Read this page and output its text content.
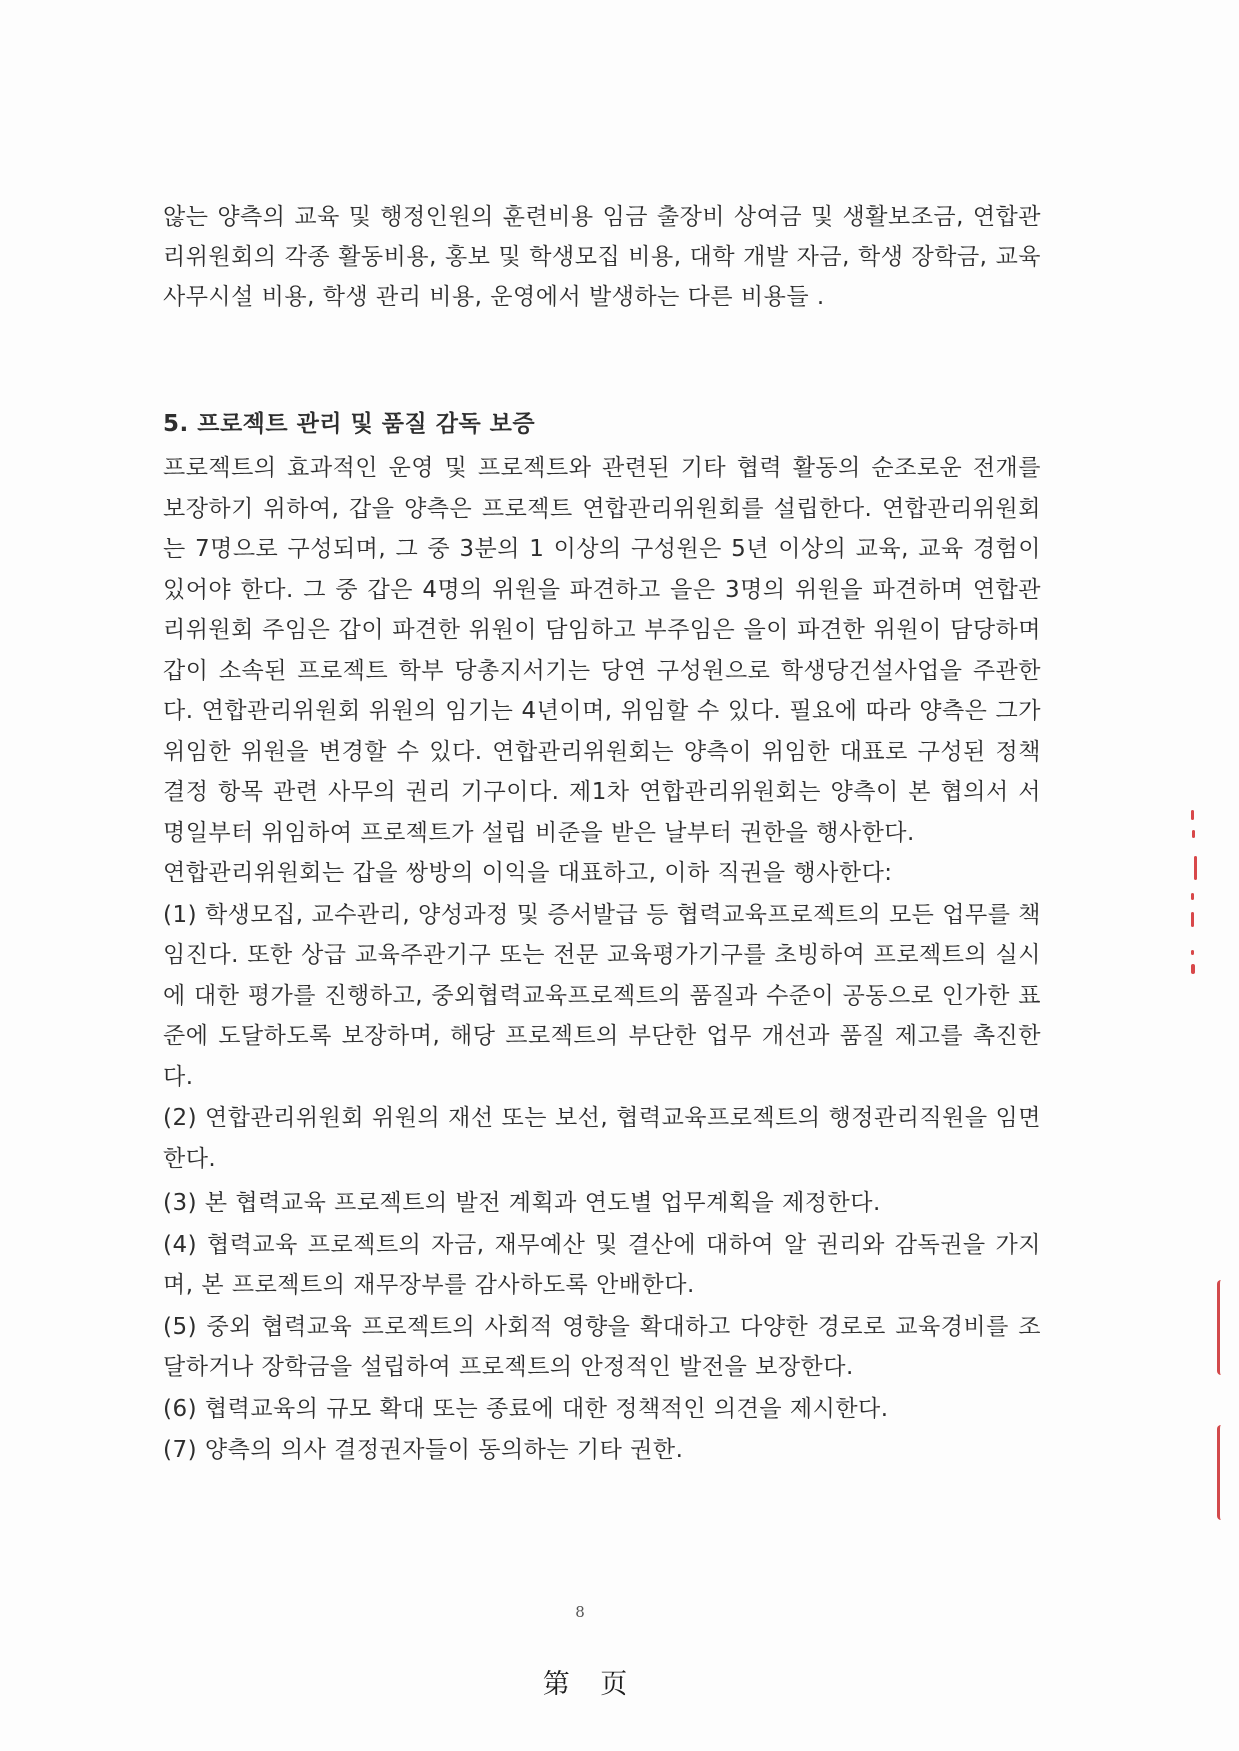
않는 양측의 교육 및 행정인원의 훈련비용 임금 출장비 상여금 및 생활보조금, 연합관리위원회의 각종 활동비용, 홍보 및 학생모집 비용, 대학 개발 자금, 학생 장학금, 교육사무시설 비용, 학생 관리 비용, 운영에서 발생하는 다른 비용들 .

5. 프로젝트 관리 및 품질 감독 보증

프로젝트의 효과적인 운영 및 프로젝트와 관련된 기타 협력 활동의 순조로운 전개를 보장하기 위하여, 갑을 양측은 프로젝트 연합관리위원회를 설립한다. 연합관리위원회는 7명으로 구성되며, 그 중 3분의 1 이상의 구성원은 5년 이상의 교육, 교육 경험이 있어야 한다. 그 중 갑은 4명의 위원을 파견하고 을은 3명의 위원을 파견하며 연합관리위원회 주임은 갑이 파견한 위원이 담임하고 부주임은 을이 파견한 위원이 담당하며 갑이 소속된 프로젝트 학부 당총지서기는 당연 구성원으로 학생당건설사업을 주관한다. 연합관리위원회 위원의 임기는 4년이며, 위임할 수 있다. 필요에 따라 양측은 그가 위임한 위원을 변경할 수 있다. 연합관리위원회는 양측이 위임한 대표로 구성된 정책 결정 항목 관련 사무의 권리 기구이다. 제1차 연합관리위원회는 양측이 본 협의서 서명일부터 위임하여 프로젝트가 설립 비준을 받은 날부터 권한을 행사한다.

연합관리위원회는 갑을 쌍방의 이익을 대표하고, 이하 직권을 행사한다:

(1) 학생모집, 교수관리, 양성과정 및 증서발급 등 협력교육프로젝트의 모든 업무를 책임진다. 또한 상급 교육주관기구 또는 전문 교육평가기구를 초빙하여 프로젝트의 실시에 대한 평가를 진행하고, 중외협력교육프로젝트의 품질과 수준이 공동으로 인가한 표준에 도달하도록 보장하며, 해당 프로젝트의 부단한 업무 개선과 품질 제고를 촉진한다.

(2) 연합관리위원회 위원의 재선 또는 보선, 협력교육프로젝트의 행정관리직원을 임면한다.

(3) 본 협력교육 프로젝트의 발전 계획과 연도별 업무계획을 제정한다.

(4) 협력교육 프로젝트의 자금, 재무예산 및 결산에 대하여 알 권리와 감독권을 가지며, 본 프로젝트의 재무장부를 감사하도록 안배한다.

(5) 중외 협력교육 프로젝트의 사회적 영향을 확대하고 다양한 경로로 교육경비를 조달하거나 장학금을 설립하여 프로젝트의 안정적인 발전을 보장한다.

(6) 협력교육의 규모 확대 또는 종료에 대한 정책적인 의견을 제시한다.

(7) 양측의 의사 결정권자들이 동의하는 기타 권한.

8
第 页
